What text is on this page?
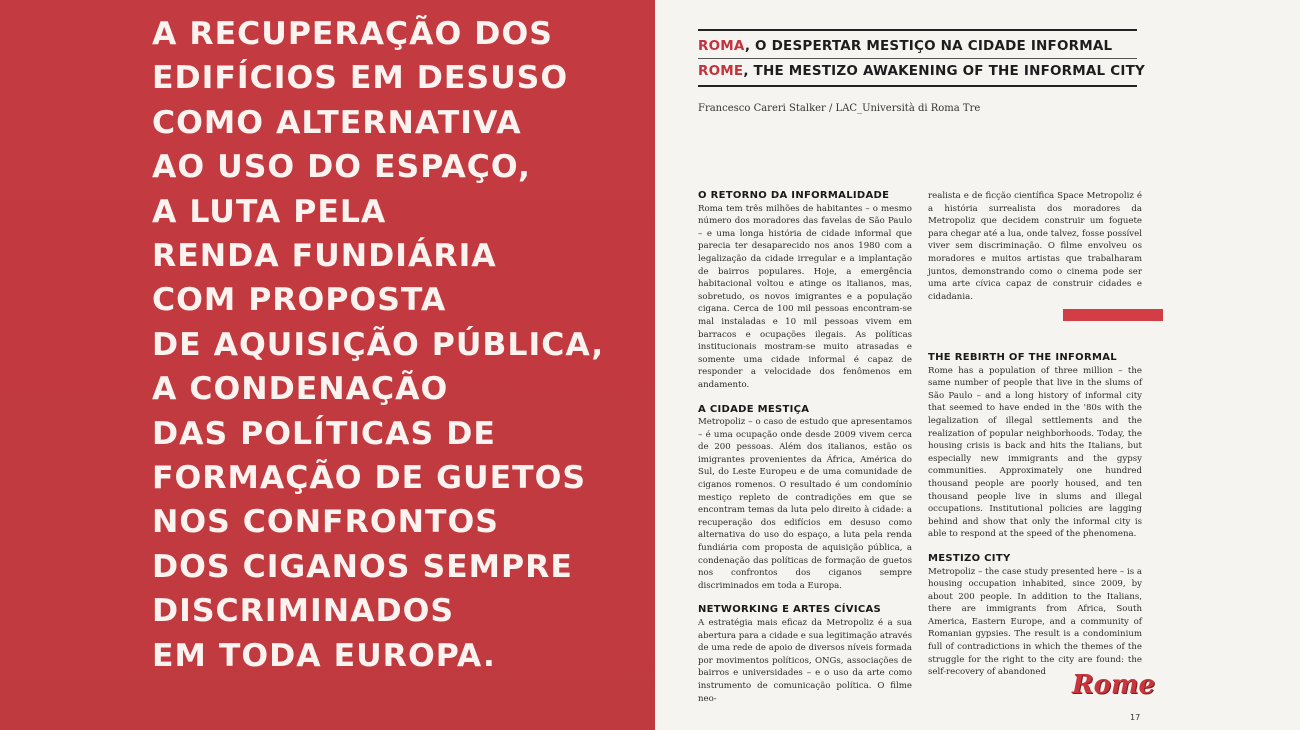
A RECUPERAÇÃO DOS
EDIFÍCIOS EM DESUSO
COMO ALTERNATIVA
AO USO DO ESPAÇO,
A LUTA PELA
RENDA FUNDIÁRIA
COM PROPOSTA
DE AQUISIÇÃO PÚBLICA,
A CONDENAÇÃO
DAS POLÍTICAS DE
FORMAÇÃO DE GUETOS
NOS CONFRONTOS
DOS CIGANOS SEMPRE
DISCRIMINADOS
EM TODA EUROPA.

ROMA, O DESPERTAR MESTIÇO NA CIDADE INFORMAL
ROME, THE MESTIZO AWAKENING OF THE INFORMAL CITY
Francesco Careri Stalker / LAC_Università di Roma Tre
O RETORNO DA INFORMALIDADE

Roma tem três milhões de habitantes – o mesmo número dos moradores das favelas de São Paulo – e uma longa história de cidade informal que parecia ter desaparecido nos anos 1980 com a legalização da cidade irregular e a implantação de bairros populares. Hoje, a emergência habitacional voltou e atinge os italianos, mas, sobretudo, os novos imigrantes e a população cigana. Cerca de 100 mil pessoas encontram-se mal instaladas e 10 mil pessoas vivem em barracos e ocupações ilegais. As políticas institucionais mostram-se muito atrasadas e somente uma cidade informal é capaz de responder a velocidade dos fenômenos em andamento.

A CIDADE MESTIÇA

Metropoliz – o caso de estudo que apresentamos – é uma ocupação onde desde 2009 vivem cerca de 200 pessoas. Além dos italianos, estão os imigrantes provenientes da África, América do Sul, do Leste Europeu e de uma comunidade de ciganos romenos. O resultado é um condomínio mestiço repleto de contradições em que se encontram temas da luta pelo direito à cidade: a recuperação dos edifícios em desuso como alternativa do uso do espaço, a luta pela renda fundiária com proposta de aquisição pública, a condenação das políticas de formação de guetos nos confrontos dos ciganos sempre discriminados em toda a Europa.

NETWORKING E ARTES CÍVICAS

A estratégia mais eficaz da Metropoliz é a sua abertura para a cidade e sua legitimação através de uma rede de apoio de diversos níveis formada por movimentos políticos, ONGs, associações de bairros e universidades – e o uso da arte como instrumento de comunicação política. O filme neo-

realista e de ficção científica Space Metropoliz é a história surrealista dos moradores da Metropoliz que decidem construir um foguete para chegar até a lua, onde talvez, fosse possível viver sem discriminação. O filme envolveu os moradores e muitos artistas que trabalharam juntos, demonstrando como o cinema pode ser uma arte cívica capaz de construir cidades e cidadania.

THE REBIRTH OF THE INFORMAL

Rome has a population of three million – the same number of people that live in the slums of São Paulo – and a long history of informal city that seemed to have ended in the '80s with the legalization of illegal settlements and the realization of popular neighborhoods. Today, the housing crisis is back and hits the Italians, but especially new immigrants and the gypsy communities. Approximately one hundred thousand people are poorly housed, and ten thousand people live in slums and illegal occupations. Institutional policies are lagging behind and show that only the informal city is able to respond at the speed of the phenomena.

MESTIZO CITY

Metropoliz – the case study presented here – is a housing occupation inhabited, since 2009, by about 200 people. In addition to the Italians, there are immigrants from Africa, South America, Eastern Europe, and a community of Romanian gypsies. The result is a condominium full of contradictions in which the themes of the struggle for the right to the city are found: the self-recovery of abandoned Rome
17
